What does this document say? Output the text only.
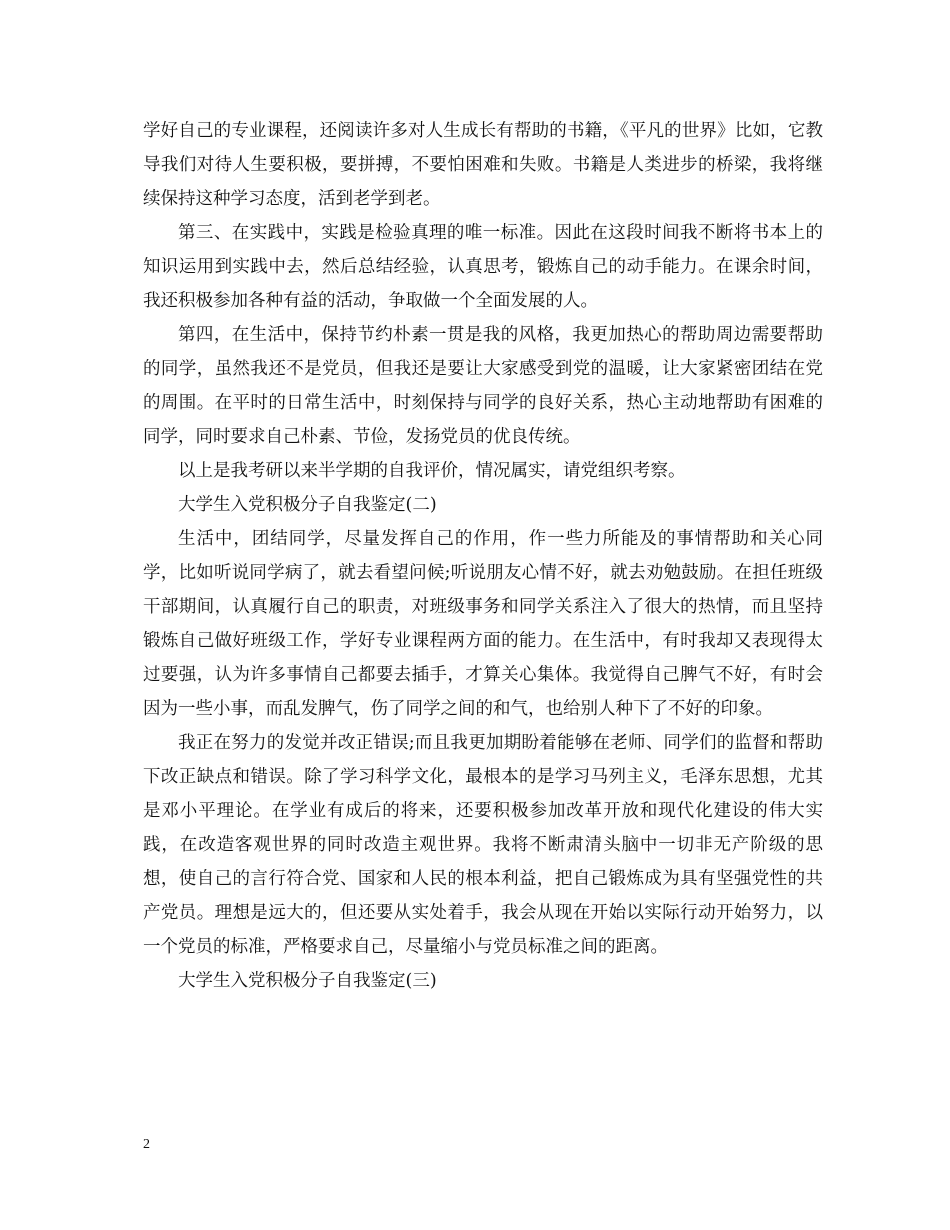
学好自己的专业课程，还阅读许多对人生成长有帮助的书籍，《平凡的世界》比如，它教导我们对待人生要积极，要拼搏，不要怕困难和失败。书籍是人类进步的桥梁，我将继续保持这种学习态度，活到老学到老。

第三、在实践中，实践是检验真理的唯一标准。因此在这段时间我不断将书本上的知识运用到实践中去，然后总结经验，认真思考，锻炼自己的动手能力。在课余时间，我还积极参加各种有益的活动，争取做一个全面发展的人。

第四，在生活中，保持节约朴素一贯是我的风格，我更加热心的帮助周边需要帮助的同学，虽然我还不是党员，但我还是要让大家感受到党的温暖，让大家紧密团结在党的周围。在平时的日常生活中，时刻保持与同学的良好关系，热心主动地帮助有困难的同学，同时要求自己朴素、节俭，发扬党员的优良传统。

以上是我考研以来半学期的自我评价，情况属实，请党组织考察。

大学生入党积极分子自我鉴定(二)

生活中，团结同学，尽量发挥自己的作用，作一些力所能及的事情帮助和关心同学，比如听说同学病了，就去看望问候;听说朋友心情不好，就去劝勉鼓励。在担任班级干部期间，认真履行自己的职责，对班级事务和同学关系注入了很大的热情，而且坚持锻炼自己做好班级工作，学好专业课程两方面的能力。在生活中，有时我却又表现得太过要强，认为许多事情自己都要去插手，才算关心集体。我觉得自己脾气不好，有时会因为一些小事，而乱发脾气，伤了同学之间的和气，也给别人种下了不好的印象。

我正在努力的发觉并改正错误;而且我更加期盼着能够在老师、同学们的监督和帮助下改正缺点和错误。除了学习科学文化，最根本的是学习马列主义，毛泽东思想，尤其是邓小平理论。在学业有成后的将来，还要积极参加改革开放和现代化建设的伟大实践，在改造客观世界的同时改造主观世界。我将不断肃清头脑中一切非无产阶级的思想，使自己的言行符合党、国家和人民的根本利益，把自己锻炼成为具有坚强党性的共产党员。理想是远大的，但还要从实处着手，我会从现在开始以实际行动开始努力，以一个党员的标准，严格要求自己，尽量缩小与党员标准之间的距离。

大学生入党积极分子自我鉴定(三)

2
